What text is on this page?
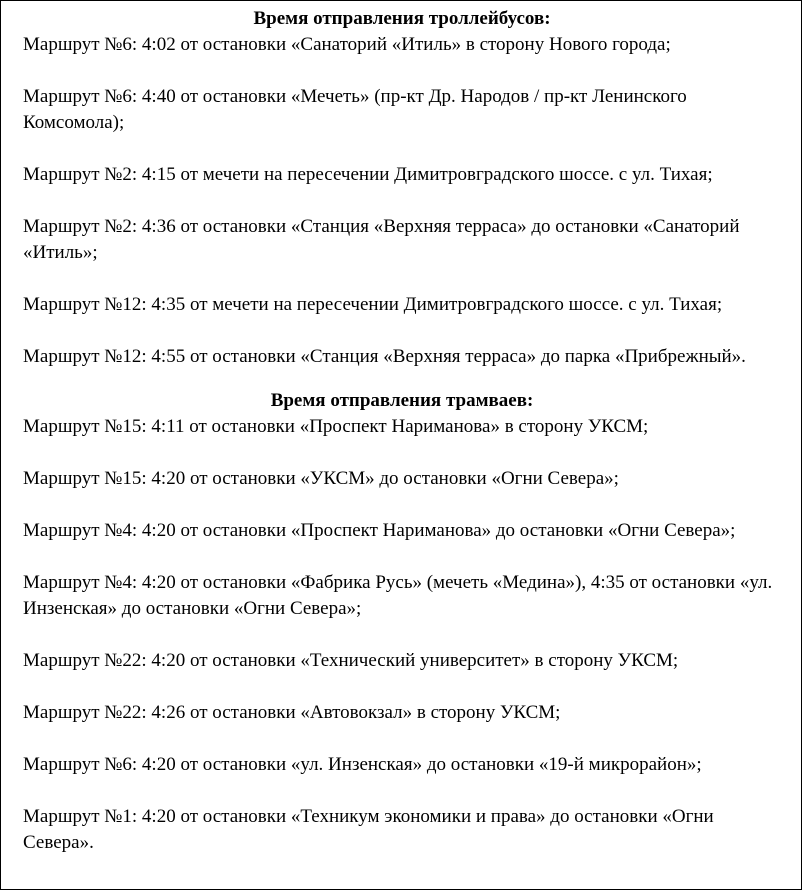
Время отправления троллейбусов:

Маршрут №6: 4:02 от остановки «Санаторий «Итиль» в сторону Нового города;

Маршрут №6: 4:40 от остановки «Мечеть» (пр-кт Др. Народов / пр-кт Ленинского Комсомола);

Маршрут №2: 4:15 от мечети на пересечении Димитровградского шоссе. с ул. Тихая;

Маршрут №2: 4:36 от остановки «Станция «Верхняя терраса» до остановки «Санаторий «Итиль»;

Маршрут №12: 4:35 от мечети на пересечении Димитровградского шоссе. с ул. Тихая;

Маршрут №12: 4:55 от остановки «Станция «Верхняя терраса» до парка «Прибрежный».

Время отправления трамваев:

Маршрут №15: 4:11 от остановки «Проспект Нариманова» в сторону УКСМ;

Маршрут №15: 4:20 от остановки «УКСМ» до остановки «Огни Севера»;

Маршрут №4: 4:20 от остановки «Проспект Нариманова» до остановки «Огни Севера»;

Маршрут №4: 4:20 от остановки «Фабрика Русь» (мечеть «Медина»), 4:35 от остановки «ул. Инзенская» до остановки «Огни Севера»;

Маршрут №22: 4:20 от остановки «Технический университет» в сторону УКСМ;

Маршрут №22: 4:26 от остановки «Автовокзал» в сторону УКСМ;

Маршрут №6: 4:20 от остановки «ул. Инзенская» до остановки «19-й микрорайон»;

Маршрут №1: 4:20 от остановки «Техникум экономики и права» до остановки «Огни Севера».
